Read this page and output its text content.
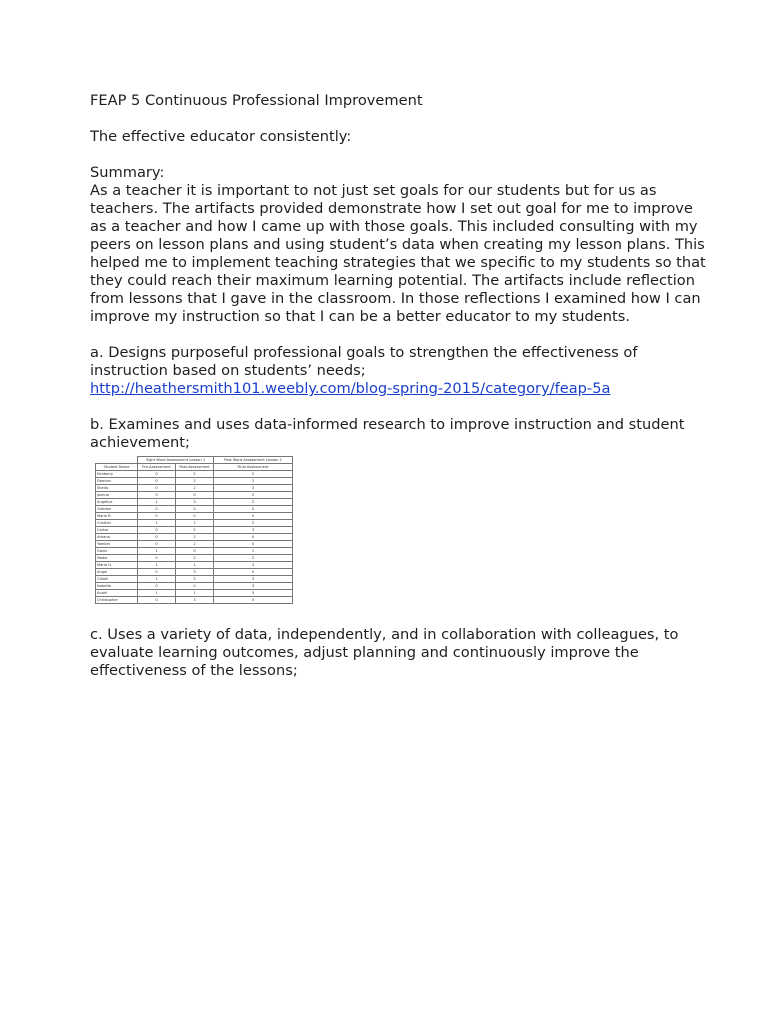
FEAP 5 Continuous Professional Improvement

The effective educator consistently:

Summary:

As a teacher it is important to not just set goals for our students but for us as teachers. The artifacts provided demonstrate how I set out goal for me to improve as a teacher and how I came up with those goals. This included consulting with my peers on lesson plans and using student’s data when creating my lesson plans. This helped me to implement teaching strategies that we specific to my students so that they could reach their maximum learning potential. The artifacts include reflection from lessons that I gave in the classroom. In those reflections I examined how I can improve my instruction so that I can be a better educator to my students.

a. Designs purposeful professional goals to strengthen the effectiveness of instruction based on students’ needs;

http://heathersmith101.weebly.com/blog-spring-2015/category/feap-5a

b. Examines and uses data-informed research to improve instruction and student achievement;

	Sight Word Assessment Lesson 1		Post Word Assessment Lesson 2
Student Name	Pre-Assessment	Post-Assessment	Final Assessment
Kimberly	0	2	2
Damian	0	2	2
Sheila	0	2	3
Joshua	0	0	2
Angelica	1	3	2
Greidan	0	0	0
Maria R.	0	0	0
Cristhel	1	1	2
Carlos	0	2	3
Arhana	0	2	0
Yamilet	0	2	0
Gavin	1	0	1
Nadia	0	2	2
Maria H.	1	1	3
Angel	0	3	0
Citlalli	1	2	3
Isabella	0	0	3
Anahi	1	1	3
Christopher	0	3	0

c. Uses a variety of data, independently, and in collaboration with colleagues, to evaluate learning outcomes, adjust planning and continuously improve the effectiveness of the lessons;
